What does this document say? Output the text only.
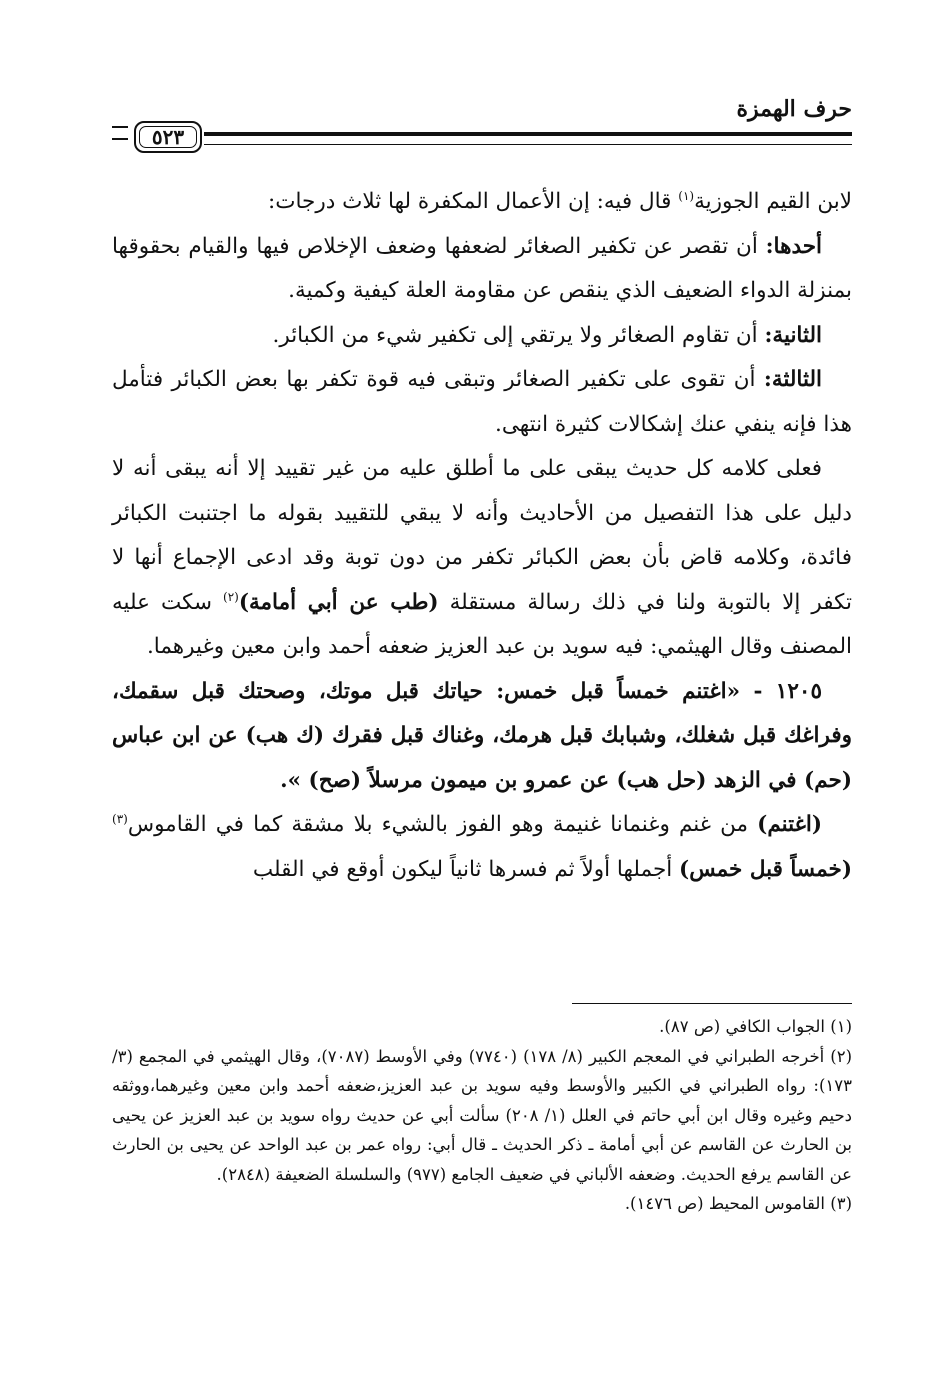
حرف الهمزة
٥٢٣

لابن القيم الجوزية$^{(١)}$ قال فيه: إن الأعمال المكفرة لها ثلاث درجات:

أحدها: أن تقصر عن تكفير الصغائر لضعفها وضعف الإخلاص فيها والقيام بحقوقها بمنزلة الدواء الضعيف الذي ينقص عن مقاومة العلة كيفية وكمية.

الثانية: أن تقاوم الصغائر ولا يرتقي إلى تكفير شيء من الكبائر.

الثالثة: أن تقوى على تكفير الصغائر وتبقى فيه قوة تكفر بها بعض الكبائر فتأمل هذا فإنه ينفي عنك إشكالات كثيرة انتهى.

فعلى كلامه كل حديث يبقى على ما أطلق عليه من غير تقييد إلا أنه يبقى أنه لا دليل على هذا التفصيل من الأحاديث وأنه لا يبقي للتقييد بقوله ما اجتنبت الكبائر فائدة، وكلامه قاض بأن بعض الكبائر تكفر من دون توبة وقد ادعى الإجماع أنها لا تكفر إلا بالتوبة ولنا في ذلك رسالة مستقلة (طب عن أبي أمامة)$^{(٢)}$ سكت عليه المصنف وقال الهيثمي: فيه سويد بن عبد العزيز ضعفه أحمد وابن معين وغيرهما.

١٢٠٥ - «اغتنم خمساً قبل خمس: حياتك قبل موتك، وصحتك قبل سقمك، وفراغك قبل شغلك، وشبابك قبل هرمك، وغناك قبل فقرك (ك هب) عن ابن عباس (حم) في الزهد (حل هب) عن عمرو بن ميمون مرسلاً (صح) ».

(اغتنم) من غنم وغنمانا غنيمة وهو الفوز بالشيء بلا مشقة كما في القاموس$^{(٣)}$ (خمساً قبل خمس) أجملها أولاً ثم فسرها ثانياً ليكون أوقع في القلب

(١) الجواب الكافي (ص ٨٧).

(٢) أخرجه الطبراني في المعجم الكبير (٨/ ١٧٨) (٧٧٤٠) وفي الأوسط (٧٠٨٧)، وقال الهيثمي في المجمع (٣/ ١٧٣): رواه الطبراني في الكبير والأوسط وفيه سويد بن عبد العزيز،ضعفه أحمد وابن معين وغيرهما،ووثقه دحيم وغيره وقال ابن أبي حاتم في العلل (١/ ٢٠٨) سألت أبي عن حديث رواه سويد بن عبد العزيز عن يحيى بن الحارث عن القاسم عن أبي أمامة ـ ذكر الحديث ـ قال أبي: رواه عمر بن عبد الواحد عن يحيى بن الحارث عن القاسم يرفع الحديث. وضعفه الألباني في ضعيف الجامع (٩٧٧) والسلسلة الضعيفة (٢٨٤٨).

(٣) القاموس المحيط (ص ١٤٧٦).
